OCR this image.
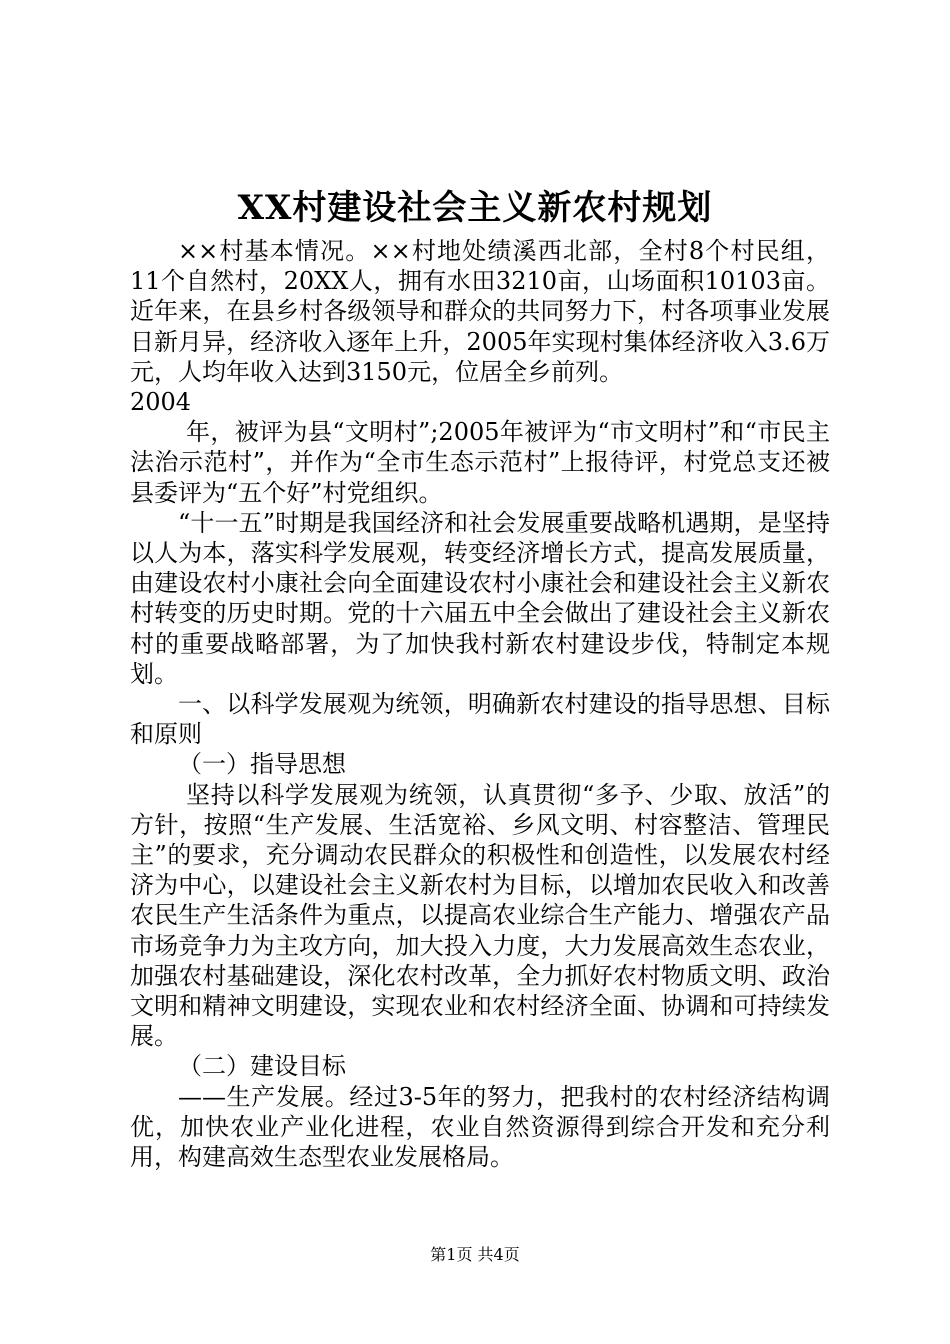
XX村建设社会主义新农村规划

××村基本情况。××村地处绩溪西北部，全村8个村民组，11个自然村，20XX人，拥有水田3210亩，山场面积10103亩。近年来，在县乡村各级领导和群众的共同努力下，村各项事业发展日新月异，经济收入逐年上升，2005年实现村集体经济收入3.6万元，人均年收入达到3150元，位居全乡前列。

2004

年，被评为县“文明村”;2005年被评为“市文明村”和“市民主法治示范村”，并作为“全市生态示范村”上报待评，村党总支还被县委评为“五个好”村党组织。

“十一五”时期是我国经济和社会发展重要战略机遇期，是坚持以人为本，落实科学发展观，转变经济增长方式，提高发展质量，由建设农村小康社会向全面建设农村小康社会和建设社会主义新农村转变的历史时期。党的十六届五中全会做出了建设社会主义新农村的重要战略部署，为了加快我村新农村建设步伐，特制定本规划。

一、以科学发展观为统领，明确新农村建设的指导思想、目标和原则

（一）指导思想

坚持以科学发展观为统领，认真贯彻“多予、少取、放活”的方针，按照“生产发展、生活宽裕、乡风文明、村容整洁、管理民主”的要求，充分调动农民群众的积极性和创造性，以发展农村经济为中心，以建设社会主义新农村为目标，以增加农民收入和改善农民生产生活条件为重点，以提高农业综合生产能力、增强农产品市场竞争力为主攻方向，加大投入力度，大力发展高效生态农业，加强农村基础建设，深化农村改革，全力抓好农村物质文明、政治文明和精神文明建设，实现农业和农村经济全面、协调和可持续发展。

（二）建设目标

——生产发展。经过3-5年的努力，把我村的农村经济结构调优，加快农业产业化进程，农业自然资源得到综合开发和充分利用，构建高效生态型农业发展格局。

第1页 共4页
